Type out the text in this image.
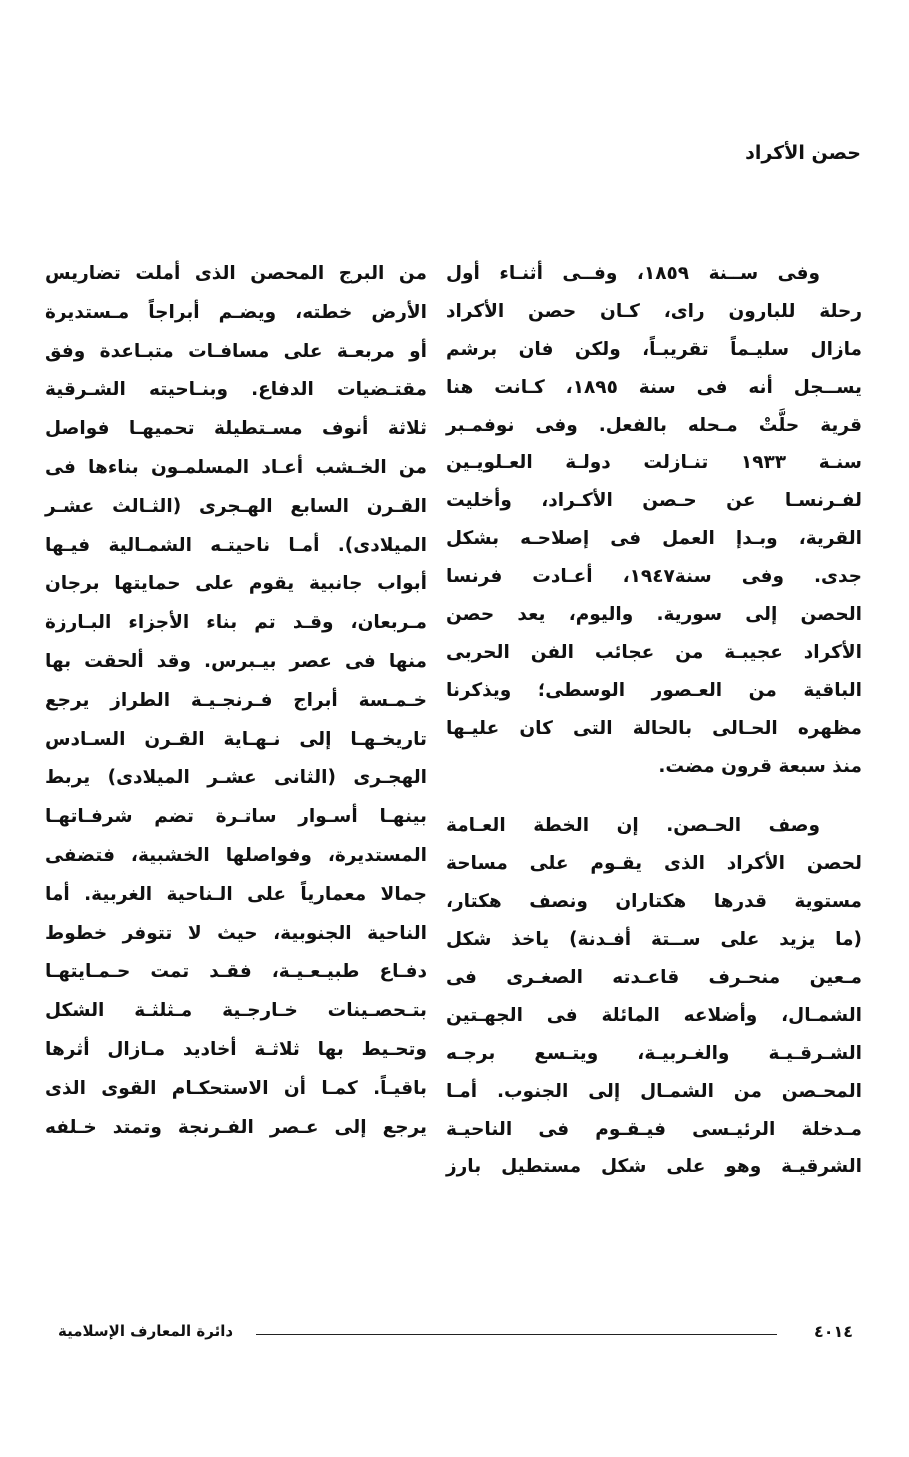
حصن الأكراد
وفى ســنة ١٨٥٩، وفــى أثنـاء أول
رحلة للبارون راى، كـان حصن الأكراد
مازال سليـماً تقريبـاً، ولكن فان برشم
يســجل أنه فى سنة ١٨٩٥، كـانت هنا
قرية حلَّتْ مـحله بالفعل. وفى نوفمـبر
سنـة ١٩٣٣ تنـازلت دولـة العـلويـين
لفـرنسـا عن حـصن الأكـراد، وأخليت
القرية، وبـدإ العمل فى إصلاحـه بشكل
جدى. وفى سنة١٩٤٧، أعـادت فرنسا
الحصن إلى سورية. واليوم، يعد حصن
الأكراد عجيبـة من عجائب الفن الحربى
الباقية من العـصور الوسطى؛ ويذكرنا
مظهره الحـالى بالحالة التى كان عليـها
منذ سبعة قرون مضت.
وصف الحـصن. إن الخطة العـامة
لحصن الأكراد الذى يقـوم على مساحة
مستوية قدرها هكتاران ونصف هكتار،
(ما يزيد على ســتة أفـدنة) ياخذ شكل
مـعين منحـرف قاعـدته الصغـرى فى
الشمـال، وأضلاعه المائلة فى الجهـتين
الشـرقـيـة والغـربيـة، ويتـسع برجـه
المحـصن من الشمـال إلى الجنوب. أمـا
مـدخلة الرئيـسى فيـقـوم فى الناحيـة
الشرقيـة وهو على شكل مستطيل بارز
من البرج المحصن الذى أملت تضاريس
الأرض خطته، ويضـم أبراجاً مـستديرة
أو مربعـة على مسافـات متبـاعدة وفق
مقتـضيات الدفاع. وبنـاحيته الشـرقية
ثلاثة أنوف مسـتطيلة تحميهـا فواصل
من الخـشب أعـاد المسلمـون بناءها فى
القـرن السابع الهـجرى (الثـالث عشـر
الميلادى). أمـا ناحيتـه الشمـالية فيـها
أبواب جانبية يقوم على حمايتها برجان
مـربعان، وقـد تم بناء الأجزاء البـارزة
منها فى عصر بيـبرس. وقد ألحقت بها
خـمـسة أبراج فـرنجـيـة الطراز يرجع
تاريخـهـا إلى نـهـاية القـرن السـادس
الهجـرى (الثانى عشـر الميلادى) يربط
بينهـا أسـوار ساتـرة تضم شرفـاتهـا
المستديرة، وفواصلها الخشبية، فتضفى
جمالا معمارياً على الـناحية الغربية. أما
الناحية الجنوبية، حيث لا تتوفر خطوط
دفـاع طبيـعـيـة، فقـد تمت حـمـايتهـا
بتـحصـينات خـارجـية مـثلثـة الشكل
وتحـيط بها ثلاثـة أخاديد مـازال أثرها
باقيـاً. كمـا أن الاستحكـام القوى الذى
يرجع إلى عـصر الفـرنجة وتمتد خـلفه
٤٠١٤
دائرة المعارف الإسلامية
